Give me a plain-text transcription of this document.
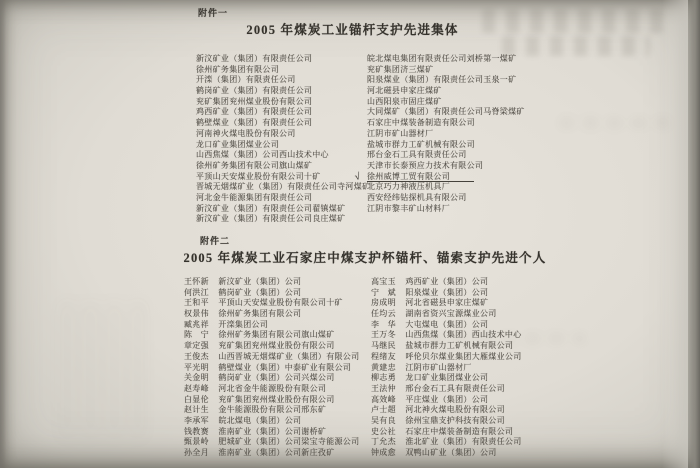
附件一
2005 年煤炭工业锚杆支护先进集体
新汶矿业（集团）有限责任公司
徐州矿务集团有限公司
开滦（集团）有限责任公司
鹤岗矿业（集团）有限责任公司
兖矿集团兖州煤业股份有限公司
鸡西矿业（集团）有限责任公司
鹤壁煤业（集团）有限责任公司
河南神火煤电股份有限公司
龙口矿业集团煤业公司
山西焦煤（集团）公司西山技术中心
徐州矿务集团有限公司旗山煤矿
平顶山天安煤业股份有限公司十矿
晋城无烟煤矿业（集团）有限责任公司寺河煤矿
河北金牛能源集团有限责任公司
新汶矿业（集团）有限责任公司翟镇煤矿
新汶矿业（集团）有限责任公司良庄煤矿
皖北煤电集团有限责任公司刘桥第一煤矿
兖矿集团济三煤矿
阳泉煤业（集团）有限责任公司玉泉一矿
河北磁县申家庄煤矿
山西阳泉市固庄煤矿
大同煤矿（集团）有限责任公司马脊梁煤矿
石家庄中煤装备制造有限公司
江阴市矿山器材厂
盐城市群力工矿机械有限公司
邢台金石工具有限责任公司
天津市长泰预应力技术有限公司
√ 徐州威博工贸有限公司
北京巧力神液压机具厂
西安经纬钻探机具有限公司
江阴市黎丰矿山材料厂
附件二
2005 年煤炭工业石家庄中煤支护杯锚杆、锚索支护先进个人
王怀新 新汶矿业（集团）公司
何洪江 鹤岗矿业（集团）公司
王和平 平顶山天安煤业股份有限公司十矿
权景伟 徐州矿务集团有限公司
臧兆祥 开滦集团公司
陈　宁 徐州矿务集团有限公司旗山煤矿
章定强 兖矿集团兖州煤业股份有限公司
王俊杰 山西晋城无烟煤矿业（集团）有限公司
平光明 鹤壁煤业（集团）中泰矿业有限公司
关金明 鹤岗矿业（集团）公司兴煤公司
赵寿峰 河北省金牛能源股份有限公司
白显伦 兖矿集团兖州煤业股份有限公司
赵计生 金牛能源股份有限公司邢东矿
李承军 皖北煤电（集团）公司
钱教赛 淮南矿业（集团）公司谢桥矿
甄景岭 肥城矿业（集团）公司梁宝寺能源公司
孙全月 淮南矿业（集团）公司新庄孜矿
高宝玉 鸡西矿业（集团）公司
宁　斌 阳泉煤业（集团）公司
房成明 河北省磁县申家庄煤矿
任均云 湖南省资兴宝源煤业公司
李　华 大屯煤电（集团）公司
王万冬 山西焦煤（集团）西山技术中心
马继民 盐城市群力工矿机械有限公司
程绪友 呼伦贝尔煤业集团大雁煤业公司
黄建忠 江阴市矿山器材厂
柳志勇 龙口矿业集团煤业公司
王法仲 邢台金石工具有限责任公司
高效峰 平庄煤业（集团）公司
卢士超 河北神火煤电股份有限公司
吴有良 徐州宝鼎支护科技有限公司
史公社 石家庄中煤装备制造有限公司
丁允杰 淮北矿业（集团）有限责任公司
钟成愈 双鸭山矿业（集团）公司
